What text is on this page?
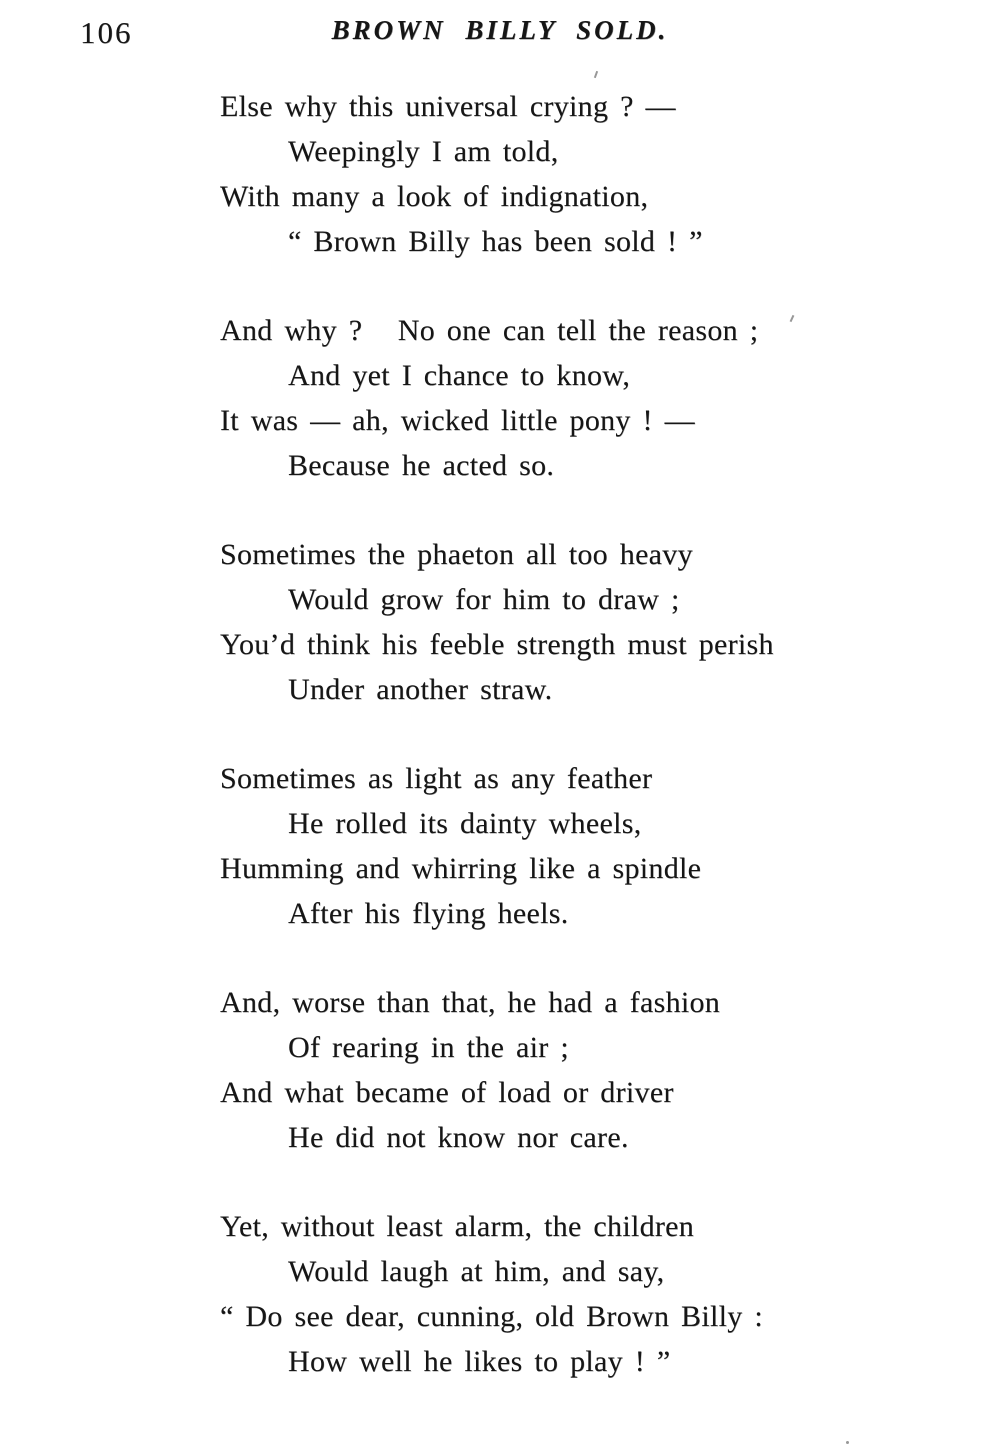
106	BROWN BILLY SOLD.

Else why this universal crying ? —

Weepingly I am told,

With many a look of indignation,

“ Brown Billy has been sold ! ”

And why ?   No one can tell the reason ;

And yet I chance to know,

It was — ah, wicked little pony ! —

Because he acted so.

Sometimes the phaeton all too heavy

Would grow for him to draw ;

You’d think his feeble strength must perish

Under another straw.

Sometimes as light as any feather

He rolled its dainty wheels,

Humming and whirring like a spindle

After his flying heels.

And, worse than that, he had a fashion

Of rearing in the air ;

And what became of load or driver

He did not know nor care.

Yet, without least alarm, the children

Would laugh at him, and say,

“ Do see dear, cunning, old Brown Billy :

How well he likes to play ! ”
